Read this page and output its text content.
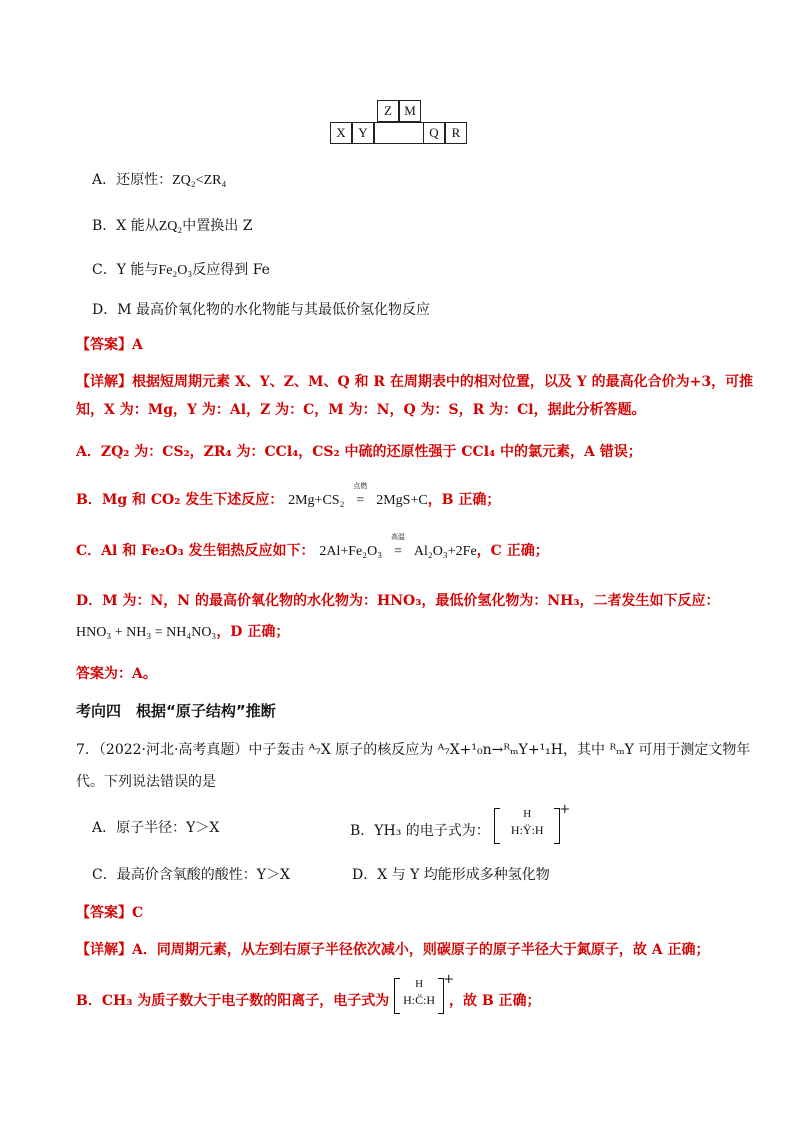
Z M
X Y	Q R
A．还原性：ZQ₂<ZR₄
B．X 能从ZQ₂中置换出 Z
C．Y 能与Fe₂O₃反应得到 Fe
D．M 最高价氧化物的水化物能与其最低价氢化物反应
【答案】A
【详解】根据短周期元素 X、Y、Z、M、Q 和 R 在周期表中的相对位置，以及 Y 的最高化合价为+3，可推
知，X 为：Mg，Y 为：Al，Z 为：C，M 为：N，Q 为：S，R 为：Cl，据此分析答题。
A．ZQ₂ 为：CS₂，ZR₄ 为：CCl₄，CS₂ 中硫的还原性强于 CCl₄ 中的氯元素，A 错误；
B．Mg 和 CO₂ 发生下述反应： 2Mg+CS₂
点燃
= 2MgS+C，B 正确；
C．Al 和 Fe₂O₃ 发生铝热反应如下： 2Al+Fe₂O₃
高温
= Al₂O₃+2Fe，C 正确；
D．M 为：N，N 的最高价氧化物的水化物为：HNO₃，最低价氢化物为：NH₃，二者发生如下反应：
HNO₃ + NH₃ = NH₄NO₃，D 正确；
答案为：A。
考向四　根据“原子结构”推断
7．（2022·河北·高考真题）中子轰击 ᴬ₇X 原子的核反应为 ᴬ₇X+¹₀n→ᴿₘY+¹₁H，其中 ᴿₘY 可用于测定文物年
代。下列说法错误的是
A．原子半径：Y＞X	B．YH₃ 的电子式为：
H
H:Ÿ:H
+
C．最高价含氧酸的酸性：Y＞X	D．X 与 Y 均能形成多种氢化物
【答案】C
【详解】A．同周期元素，从左到右原子半径依次减小，则碳原子的原子半径大于氮原子，故 A 正确；
B．CH₃ 为质子数大于电子数的阳离子，电子式为
H
H:C̈:H
+
，故 B 正确；
